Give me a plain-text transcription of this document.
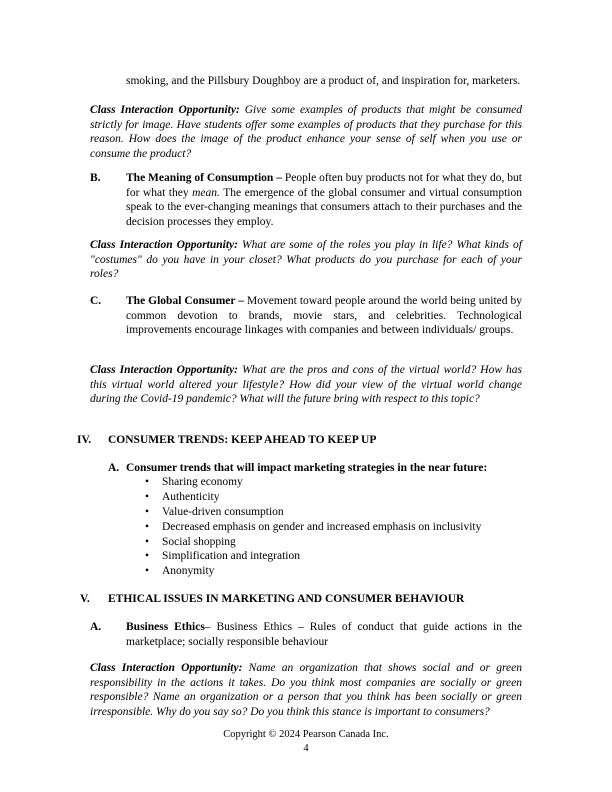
smoking, and the Pillsbury Doughboy are a product of, and inspiration for, marketers.

Class Interaction Opportunity: Give some examples of products that might be consumed strictly for image. Have students offer some examples of products that they purchase for this reason. How does the image of the product enhance your sense of self when you use or consume the product?

B.	The Meaning of Consumption – People often buy products not for what they do, but for what they mean. The emergence of the global consumer and virtual consumption speak to the ever-changing meanings that consumers attach to their purchases and the decision processes they employ.

Class Interaction Opportunity: What are some of the roles you play in life? What kinds of "costumes" do you have in your closet? What products do you purchase for each of your roles?

C.	The Global Consumer – Movement toward people around the world being united by common devotion to brands, movie stars, and celebrities. Technological improvements encourage linkages with companies and between individuals/ groups.

Class Interaction Opportunity: What are the pros and cons of the virtual world? How has this virtual world altered your lifestyle? How did your view of the virtual world change during the Covid-19 pandemic? What will the future bring with respect to this topic?

IV. CONSUMER TRENDS: KEEP AHEAD TO KEEP UP
A. Consumer trends that will impact marketing strategies in the near future:
• Sharing economy
• Authenticity
• Value-driven consumption
• Decreased emphasis on gender and increased emphasis on inclusivity
• Social shopping
• Simplification and integration
• Anonymity
V. ETHICAL ISSUES IN MARKETING AND CONSUMER BEHAVIOUR
A.	Business Ethics– Business Ethics – Rules of conduct that guide actions in the marketplace; socially responsible behaviour

Class Interaction Opportunity: Name an organization that shows social and or green responsibility in the actions it takes. Do you think most companies are socially or green responsible? Name an organization or a person that you think has been socially or green irresponsible. Why do you say so? Do you think this stance is important to consumers?

Copyright © 2024 Pearson Canada Inc.
4
